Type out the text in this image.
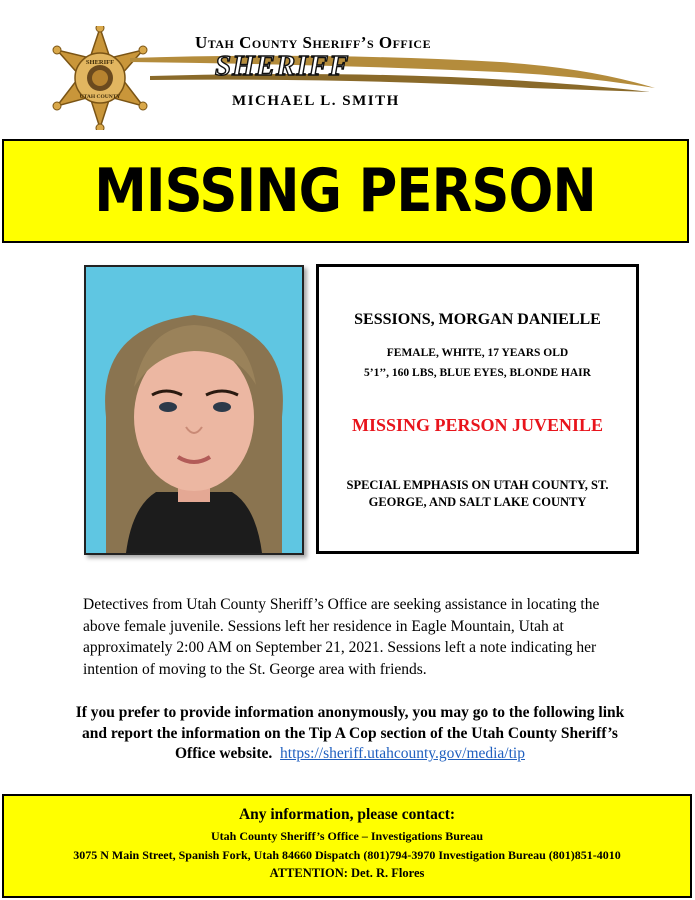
SHERIFF
UTAH COUNTY
Utah County Sheriff’s Office
SHERIFF
MICHAEL L. SMITH
MISSING PERSON
SESSIONS, MORGAN DANIELLE
FEMALE, WHITE, 17 YEARS OLD
5’1’’, 160 LBS, BLUE EYES, BLONDE HAIR
MISSING PERSON JUVENILE
SPECIAL EMPHASIS ON UTAH COUNTY, ST. GEORGE, AND SALT LAKE COUNTY
Detectives from Utah County Sheriff’s Office are seeking assistance in locating the above female juvenile. Sessions left her residence in Eagle Mountain, Utah at approximately 2:00 AM on September 21, 2021. Sessions left a note indicating her intention of moving to the St. George area with friends.
If you prefer to provide information anonymously, you may go to the following link and report the information on the Tip A Cop section of the Utah County Sheriff’s Office website. https://sheriff.utahcounty.gov/media/tip
Any information, please contact:
Utah County Sheriff’s Office – Investigations Bureau
3075 N Main Street, Spanish Fork, Utah 84660 Dispatch (801)794-3970 Investigation Bureau (801)851-4010
ATTENTION: Det. R. Flores
